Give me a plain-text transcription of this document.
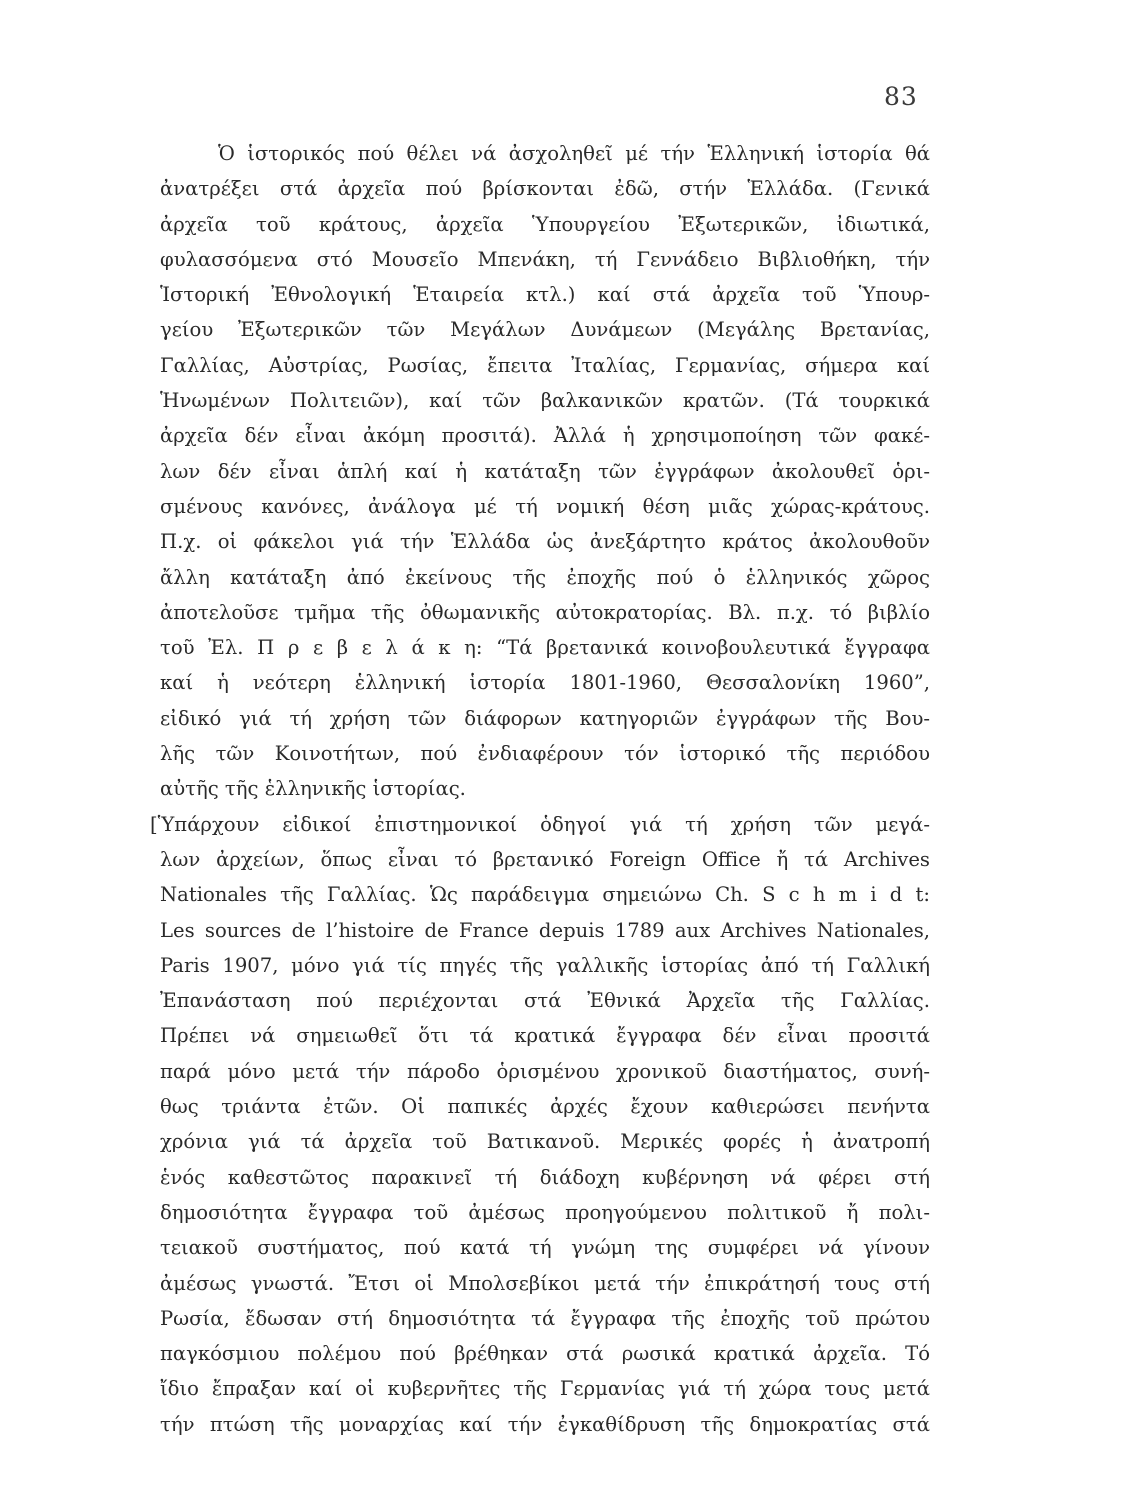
83
Ὁ ἱστορικός πού θέλει νά ἀσχοληθεῖ μέ τήν Ἑλληνική ἱστορία θά
ἀνατρέξει στά ἀρχεῖα πού βρίσκονται ἐδῶ, στήν Ἑλλάδα. (Γενικά
ἀρχεῖα τοῦ κράτους, ἀρχεῖα Ὑπουργείου Ἐξωτερικῶν, ἰδιωτικά,
φυλασσόμενα στό Μουσεῖο Μπενάκη, τή Γεννάδειο Βιβλιοθήκη, τήν
Ἱστορική Ἐθνολογική Ἑταιρεία κτλ.) καί στά ἀρχεῖα τοῦ Ὑπουρ-
γείου Ἐξωτερικῶν τῶν Μεγάλων Δυνάμεων (Μεγάλης Βρετανίας,
Γαλλίας, Αὐστρίας, Ρωσίας, ἔπειτα Ἰταλίας, Γερμανίας, σήμερα καί
Ἡνωμένων Πολιτειῶν), καί τῶν βαλκανικῶν κρατῶν. (Τά τουρκικά
ἀρχεῖα δέν εἶναι ἀκόμη προσιτά). Ἀλλά ἡ χρησιμοποίηση τῶν φακέ-
λων δέν εἶναι ἁπλή καί ἡ κατάταξη τῶν ἐγγράφων ἀκολουθεῖ ὁρι-
σμένους κανόνες, ἀνάλογα μέ τή νομική θέση μιᾶς χώρας-κράτους.
Π.χ. οἱ φάκελοι γιά τήν Ἑλλάδα ὡς ἀνεξάρτητο κράτος ἀκολουθοῦν
ἄλλη κατάταξη ἀπό ἐκείνους τῆς ἐποχῆς πού ὁ ἑλληνικός χῶρος
ἀποτελοῦσε τμῆμα τῆς ὀθωμανικῆς αὐτοκρατορίας. Βλ. π.χ. τό βιβλίο
τοῦ Ἐλ. Π ρ ε β ε λ ά κ η: “Τά βρετανικά κοινοβουλευτικά ἔγγραφα
καί ἡ νεότερη ἑλληνική ἱστορία 1801-1960, Θεσσαλονίκη 1960”,
εἰδικό γιά τή χρήση τῶν διάφορων κατηγοριῶν ἐγγράφων τῆς Βου-
λῆς τῶν Κοινοτήτων, πού ἐνδιαφέρουν τόν ἱστορικό τῆς περιόδου
αὐτῆς τῆς ἑλληνικῆς ἱστορίας.
[Ὑπάρχουν εἰδικοί ἐπιστημονικοί ὁδηγοί γιά τή χρήση τῶν μεγά-
λων ἀρχείων, ὅπως εἶναι τό βρετανικό Foreign Office ἤ τά Archives
Nationales τῆς Γαλλίας. Ὡς παράδειγμα σημειώνω Ch. S c h m i d t:
Les sources de l’histoire de France depuis 1789 aux Archives Nationales,
Paris 1907, μόνο γιά τίς πηγές τῆς γαλλικῆς ἱστορίας ἀπό τή Γαλλική
Ἐπανάσταση πού περιέχονται στά Ἐθνικά Ἀρχεῖα τῆς Γαλλίας.
Πρέπει νά σημειωθεῖ ὅτι τά κρατικά ἔγγραφα δέν εἶναι προσιτά
παρά μόνο μετά τήν πάροδο ὁρισμένου χρονικοῦ διαστήματος, συνή-
θως τριάντα ἐτῶν. Οἱ παπικές ἀρχές ἔχουν καθιερώσει πενήντα
χρόνια γιά τά ἀρχεῖα τοῦ Βατικανοῦ. Μερικές φορές ἡ ἀνατροπή
ἑνός καθεστῶτος παρακινεῖ τή διάδοχη κυβέρνηση νά φέρει στή
δημοσιότητα ἔγγραφα τοῦ ἀμέσως προηγούμενου πολιτικοῦ ἤ πολι-
τειακοῦ συστήματος, πού κατά τή γνώμη της συμφέρει νά γίνουν
ἀμέσως γνωστά. Ἔτσι οἱ Μπολσεβίκοι μετά τήν ἐπικράτησή τους στή
Ρωσία, ἔδωσαν στή δημοσιότητα τά ἔγγραφα τῆς ἐποχῆς τοῦ πρώτου
παγκόσμιου πολέμου πού βρέθηκαν στά ρωσικά κρατικά ἀρχεῖα. Τό
ἴδιο ἔπραξαν καί οἱ κυβερνῆτες τῆς Γερμανίας γιά τή χώρα τους μετά
τήν πτώση τῆς μοναρχίας καί τήν ἐγκαθίδρυση τῆς δημοκρατίας στά
